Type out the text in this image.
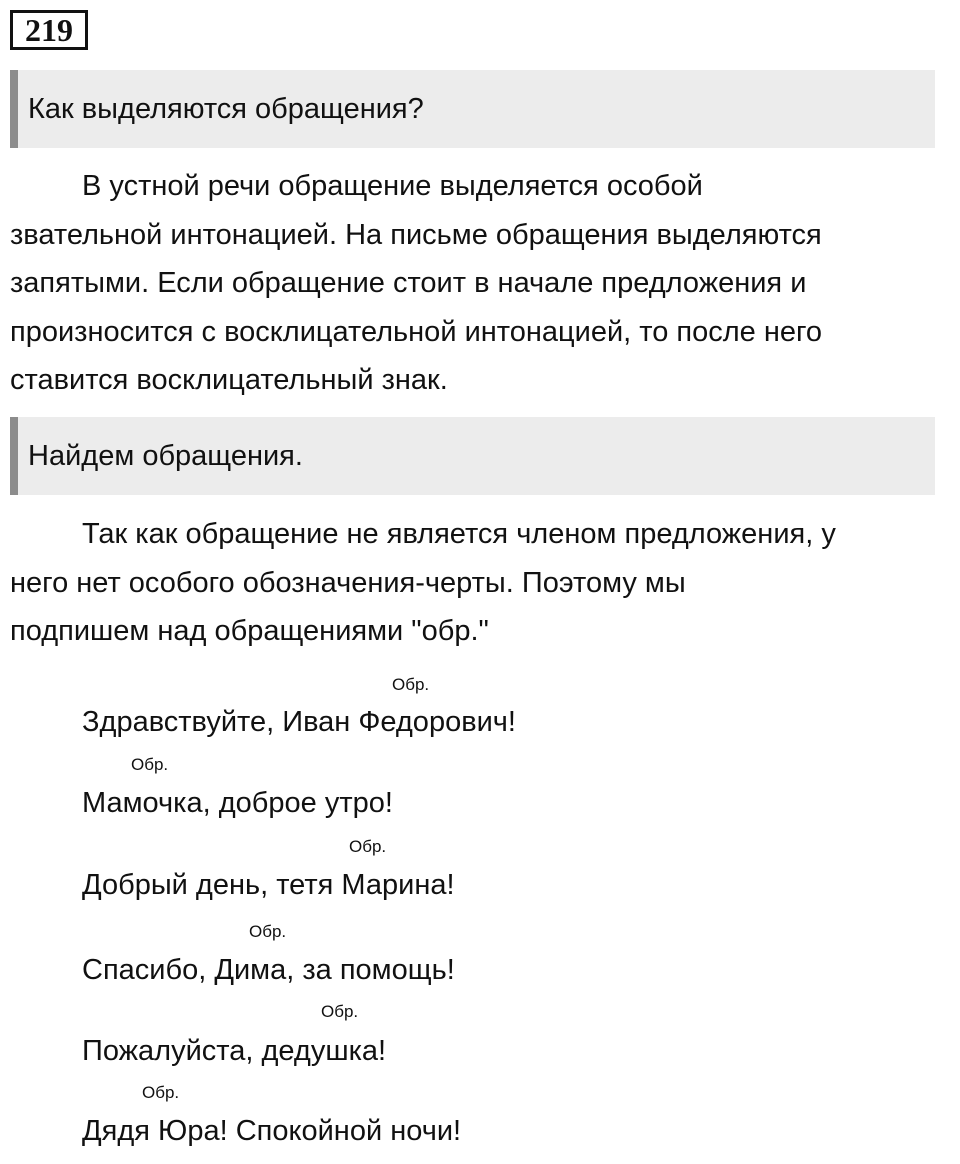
219
Как выделяются обращения?

В устной речи обращение выделяется особой
звательной интонацией. На письме обращения выделяются
запятыми. Если обращение стоит в начале предложения и
произносится с восклицательной интонацией, то после него
ставится восклицательный знак.

Найдем обращения.

Так как обращение не является членом предложения, у
него нет особого обозначения-черты. Поэтому мы
подпишем над обращениями "обр."

Обр.
Здравствуйте, Иван Федорович!
Обр.
Мамочка, доброе утро!
Обр.
Добрый день, тетя Марина!
Обр.
Спасибо, Дима, за помощь!
Обр.
Пожалуйста, дедушка!
Обр.
Дядя Юра! Спокойной ночи!
